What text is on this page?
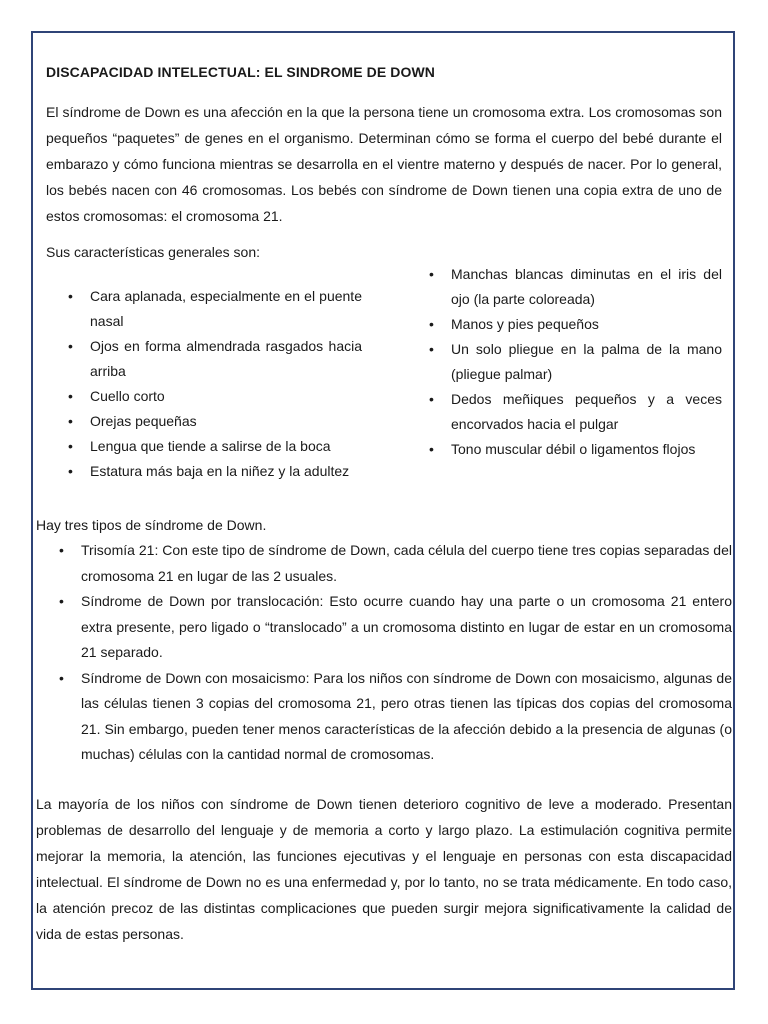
DISCAPACIDAD INTELECTUAL: EL SINDROME DE DOWN
El síndrome de Down es una afección en la que la persona tiene un cromosoma extra. Los cromosomas son pequeños “paquetes” de genes en el organismo. Determinan cómo se forma el cuerpo del bebé durante el embarazo y cómo funciona mientras se desarrolla en el vientre materno y después de nacer. Por lo general, los bebés nacen con 46 cromosomas. Los bebés con síndrome de Down tienen una copia extra de uno de estos cromosomas: el cromosoma 21.
Sus características generales son:
• Cara aplanada, especialmente en el puente nasal
• Ojos en forma almendrada rasgados hacia arriba
• Cuello corto
• Orejas pequeñas
• Lengua que tiende a salirse de la boca
• Estatura más baja en la niñez y la adultez
• Manchas blancas diminutas en el iris del ojo (la parte coloreada)
• Manos y pies pequeños
• Un solo pliegue en la palma de la mano (pliegue palmar)
• Dedos meñiques pequeños y a veces encorvados hacia el pulgar
• Tono muscular débil o ligamentos flojos
Hay tres tipos de síndrome de Down.
• Trisomía 21: Con este tipo de síndrome de Down, cada célula del cuerpo tiene tres copias separadas del cromosoma 21 en lugar de las 2 usuales.
• Síndrome de Down por translocación: Esto ocurre cuando hay una parte o un cromosoma 21 entero extra presente, pero ligado o “translocado” a un cromosoma distinto en lugar de estar en un cromosoma 21 separado.
• Síndrome de Down con mosaicismo: Para los niños con síndrome de Down con mosaicismo, algunas de las células tienen 3 copias del cromosoma 21, pero otras tienen las típicas dos copias del cromosoma 21. Sin embargo, pueden tener menos características de la afección debido a la presencia de algunas (o muchas) células con la cantidad normal de cromosomas.
La mayoría de los niños con síndrome de Down tienen deterioro cognitivo de leve a moderado. Presentan problemas de desarrollo del lenguaje y de memoria a corto y largo plazo. La estimulación cognitiva permite mejorar la memoria, la atención, las funciones ejecutivas y el lenguaje en personas con esta discapacidad intelectual. El síndrome de Down no es una enfermedad y, por lo tanto, no se trata médicamente. En todo caso, la atención precoz de las distintas complicaciones que pueden surgir mejora significativamente la calidad de vida de estas personas.
